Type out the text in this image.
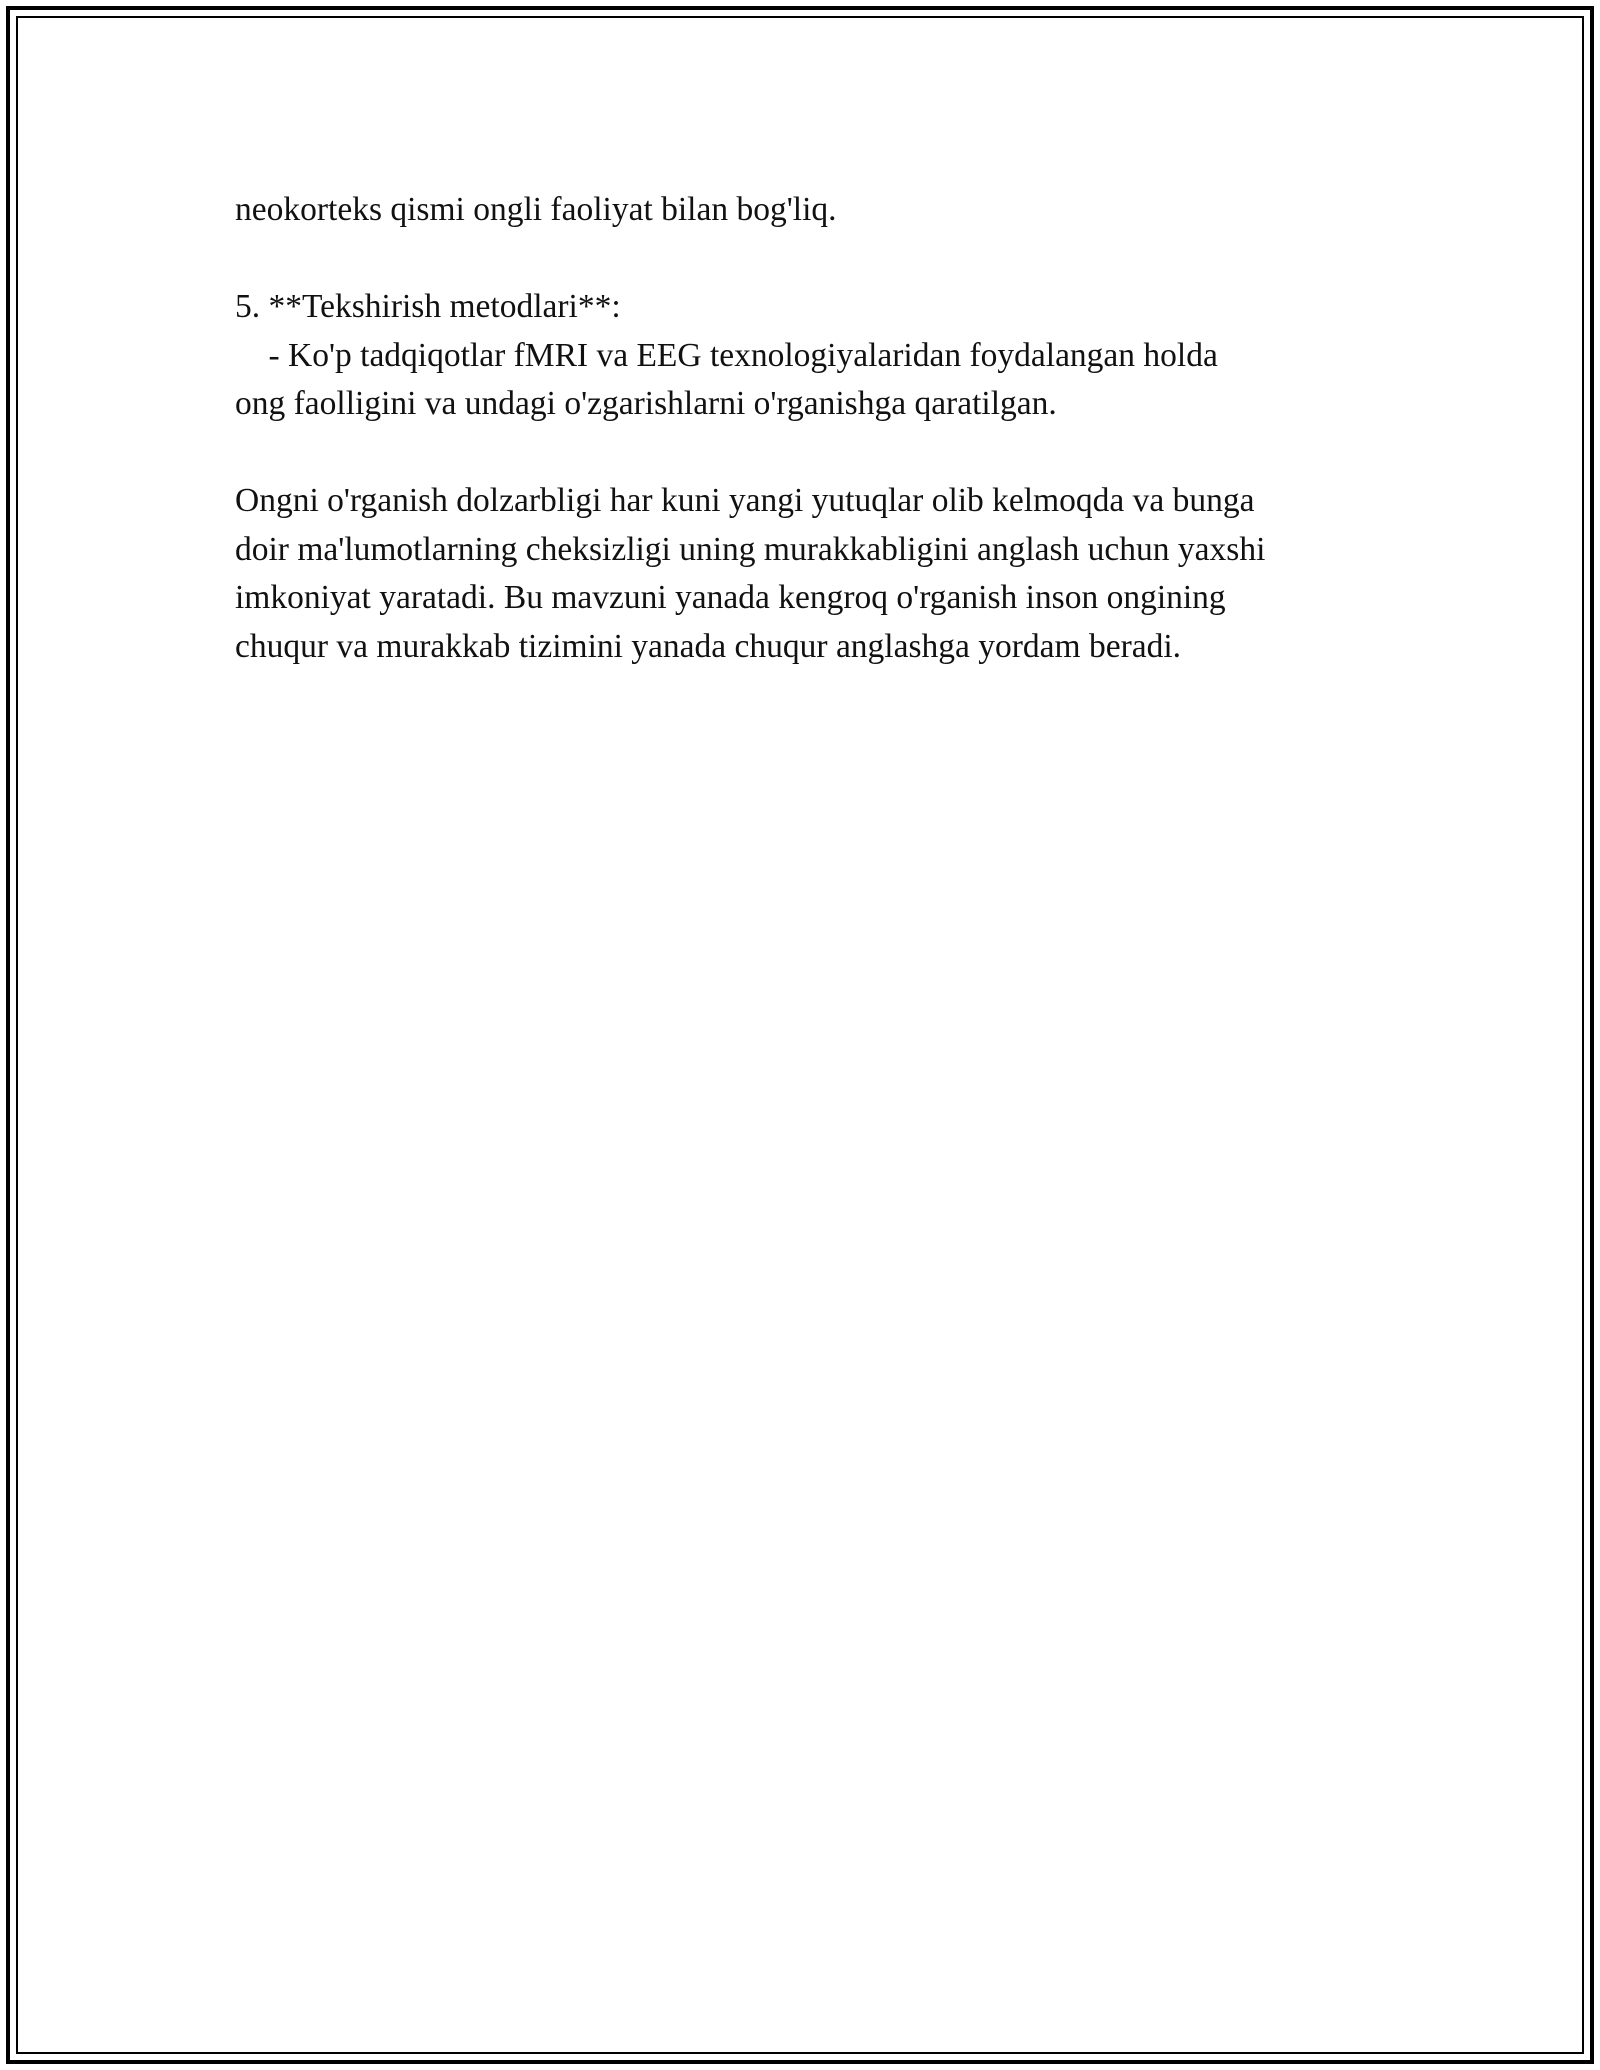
neokorteks qismi ongli faoliyat bilan bog'liq.

5. **Tekshirish metodlari**:

- Ko'p tadqiqotlar fMRI va EEG texnologiyalaridan foydalangan holda

ong faolligini va undagi o'zgarishlarni o'rganishga qaratilgan.

Ongni o'rganish dolzarbligi har kuni yangi yutuqlar olib kelmoqda va bunga

doir ma'lumotlarning cheksizligi uning murakkabligini anglash uchun yaxshi

imkoniyat yaratadi. Bu mavzuni yanada kengroq o'rganish inson ongining

chuqur va murakkab tizimini yanada chuqur anglashga yordam beradi.
